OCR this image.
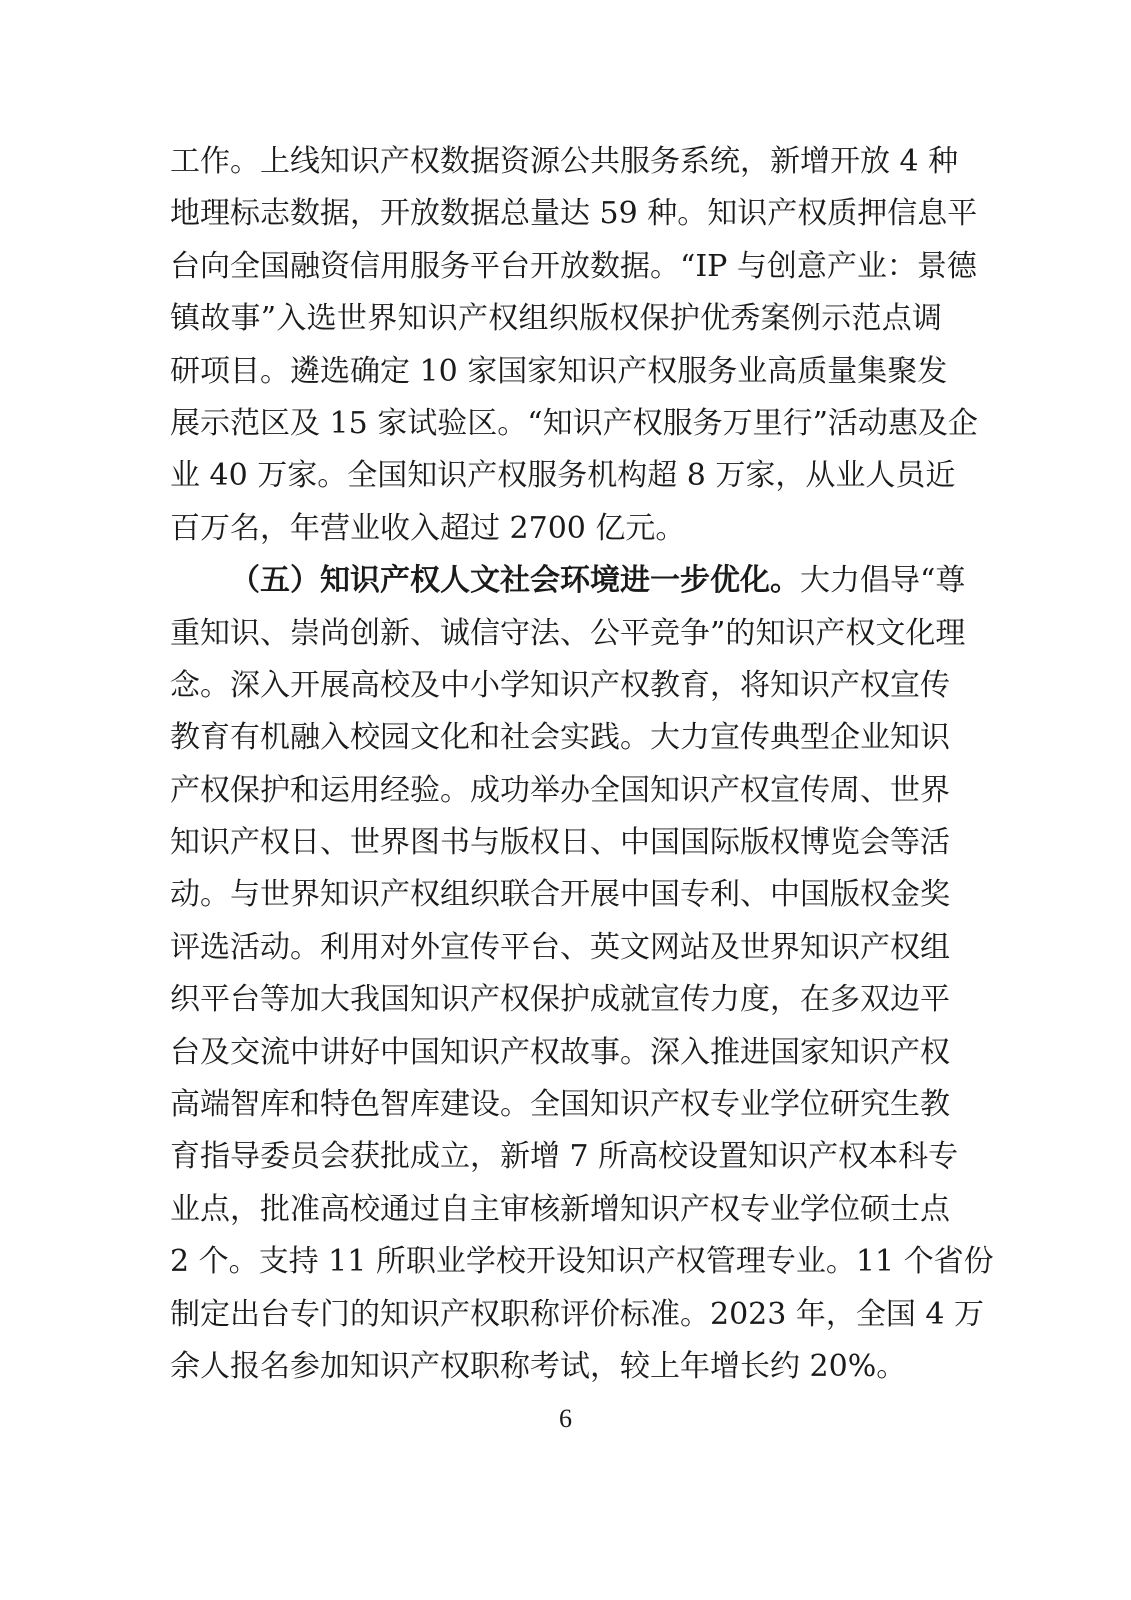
工作。上线知识产权数据资源公共服务系统，新增开放 4 种
地理标志数据，开放数据总量达 59 种。知识产权质押信息平
台向全国融资信用服务平台开放数据。“IP 与创意产业：景德
镇故事”入选世界知识产权组织版权保护优秀案例示范点调
研项目。遴选确定 10 家国家知识产权服务业高质量集聚发
展示范区及 15 家试验区。“知识产权服务万里行”活动惠及企
业 40 万家。全国知识产权服务机构超 8 万家，从业人员近
百万名，年营业收入超过 2700 亿元。
（五）知识产权人文社会环境进一步优化。大力倡导“尊
重知识、崇尚创新、诚信守法、公平竞争”的知识产权文化理
念。深入开展高校及中小学知识产权教育，将知识产权宣传
教育有机融入校园文化和社会实践。大力宣传典型企业知识
产权保护和运用经验。成功举办全国知识产权宣传周、世界
知识产权日、世界图书与版权日、中国国际版权博览会等活
动。与世界知识产权组织联合开展中国专利、中国版权金奖
评选活动。利用对外宣传平台、英文网站及世界知识产权组
织平台等加大我国知识产权保护成就宣传力度，在多双边平
台及交流中讲好中国知识产权故事。深入推进国家知识产权
高端智库和特色智库建设。全国知识产权专业学位研究生教
育指导委员会获批成立，新增 7 所高校设置知识产权本科专
业点，批准高校通过自主审核新增知识产权专业学位硕士点
2 个。支持 11 所职业学校开设知识产权管理专业。11 个省份
制定出台专门的知识产权职称评价标准。2023 年，全国 4 万
余人报名参加知识产权职称考试，较上年增长约 20%。
6
